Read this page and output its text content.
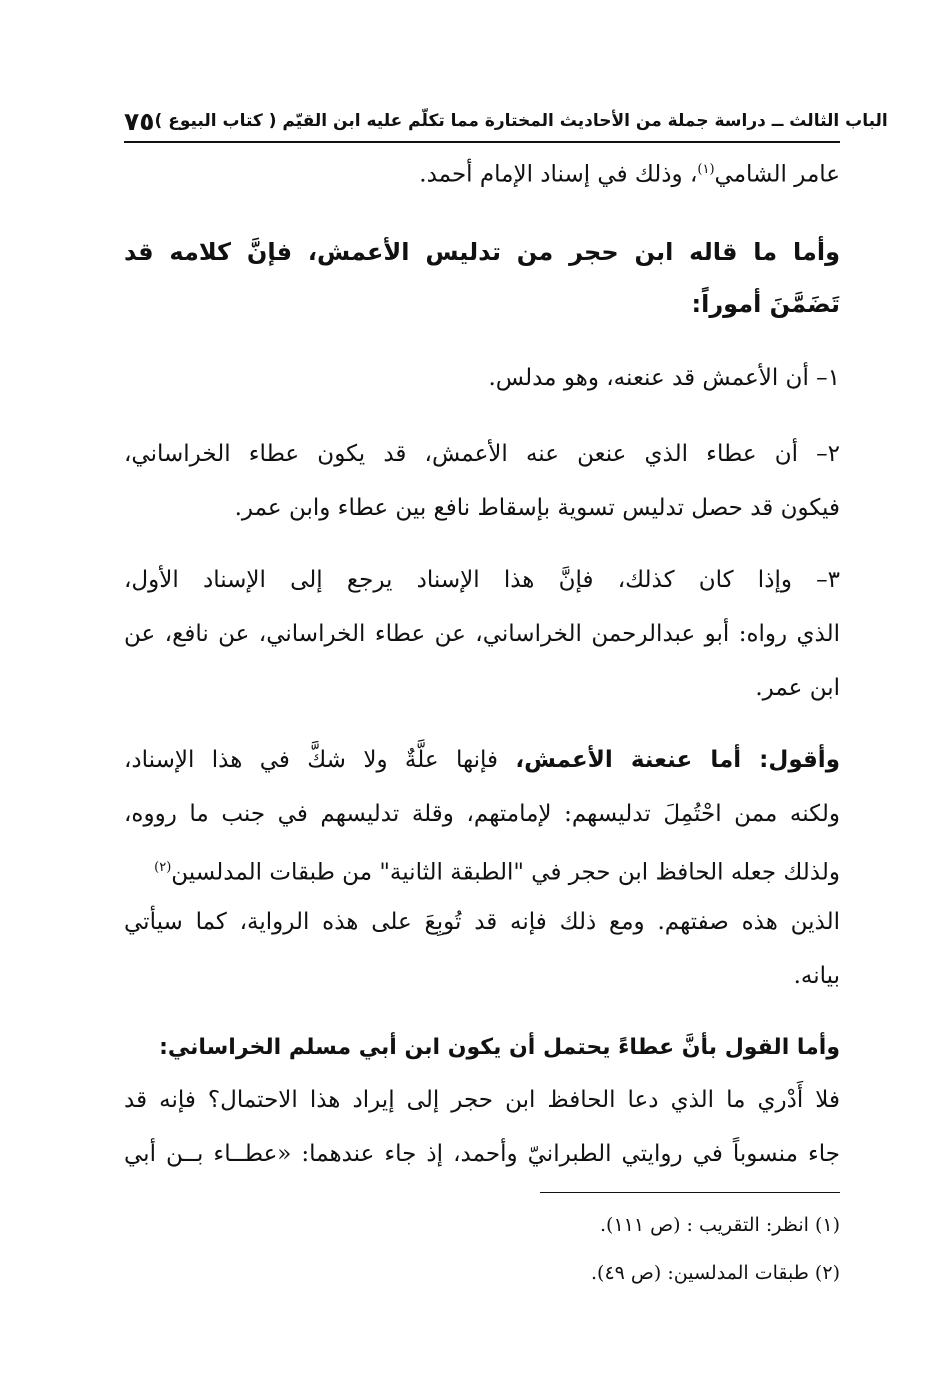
الباب الثالث ــ دراسة جملة من الأحاديث المختارة مما تكلّم عليه ابن القيّم ( كتاب البيوع )
٧٥
عامر الشامي$^{(١)}$، وذلك في إسناد الإمام أحمد.
وأما ما قاله ابن حجر من تدليس الأعمش، فإنَّ كلامه قد
تَضَمَّنَ أموراً:
١– أن الأعمش قد عنعنه، وهو مدلس.
٢– أن عطاء الذي عنعن عنه الأعمش، قد يكون عطاء الخراساني،
فيكون قد حصل تدليس تسوية بإسقاط نافع بين عطاء وابن عمر.
٣– وإذا كان كذلك، فإنَّ هذا الإسناد يرجع إلى الإسناد الأول،
الذي رواه: أبو عبدالرحمن الخراساني، عن عطاء الخراساني، عن نافع، عن
ابن عمر.
وأقول: أما عنعنة الأعمش، فإنها علَّةٌ ولا شكَّ في هذا الإسناد،
ولكنه ممن احْتُمِلَ تدليسهم: لإمامتهم، وقلة تدليسهم في جنب ما رووه،
ولذلك جعله الحافظ ابن حجر في "الطبقة الثانية" من طبقات المدلسين$^{(٢)}$
الذين هذه صفتهم. ومع ذلك فإنه قد تُوبِعَ على هذه الرواية، كما سيأتي
بيانه.
وأما القول بأنَّ عطاءً يحتمل أن يكون ابن أبي مسلم الخراساني:
فلا أَدْري ما الذي دعا الحافظ ابن حجر إلى إيراد هذا الاحتمال؟ فإنه قد
جاء منسوباً في روايتي الطبرانيّ وأحمد، إذ جاء عندهما: «عطــاء بــن أبي
(١) انظر: التقريب : (ص ١١١).
(٢) طبقات المدلسين: (ص ٤٩).
